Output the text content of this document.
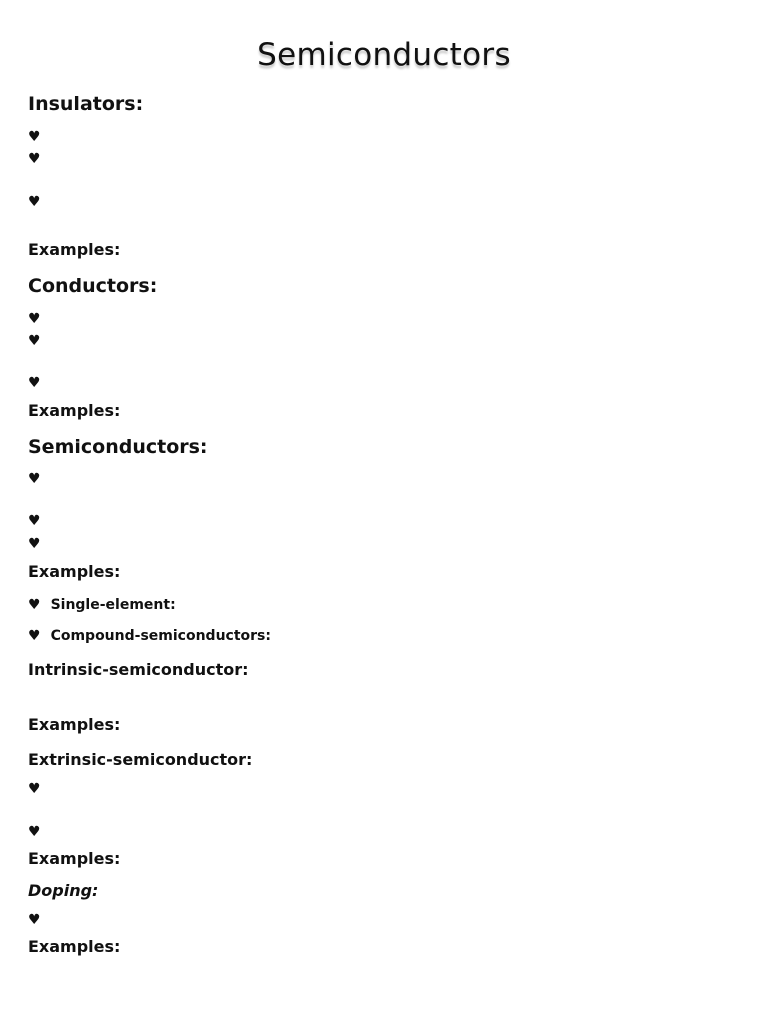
Semiconductors
Insulators:
♥
♥
♥
Examples:
Conductors:
♥
♥
♥
Examples:
Semiconductors:
♥
♥
♥
Examples:
♥ Single-element:
♥ Compound-semiconductors:
Intrinsic-semiconductor:
Examples:
Extrinsic-semiconductor:
♥
♥
Examples:
Doping:
♥
Examples:
